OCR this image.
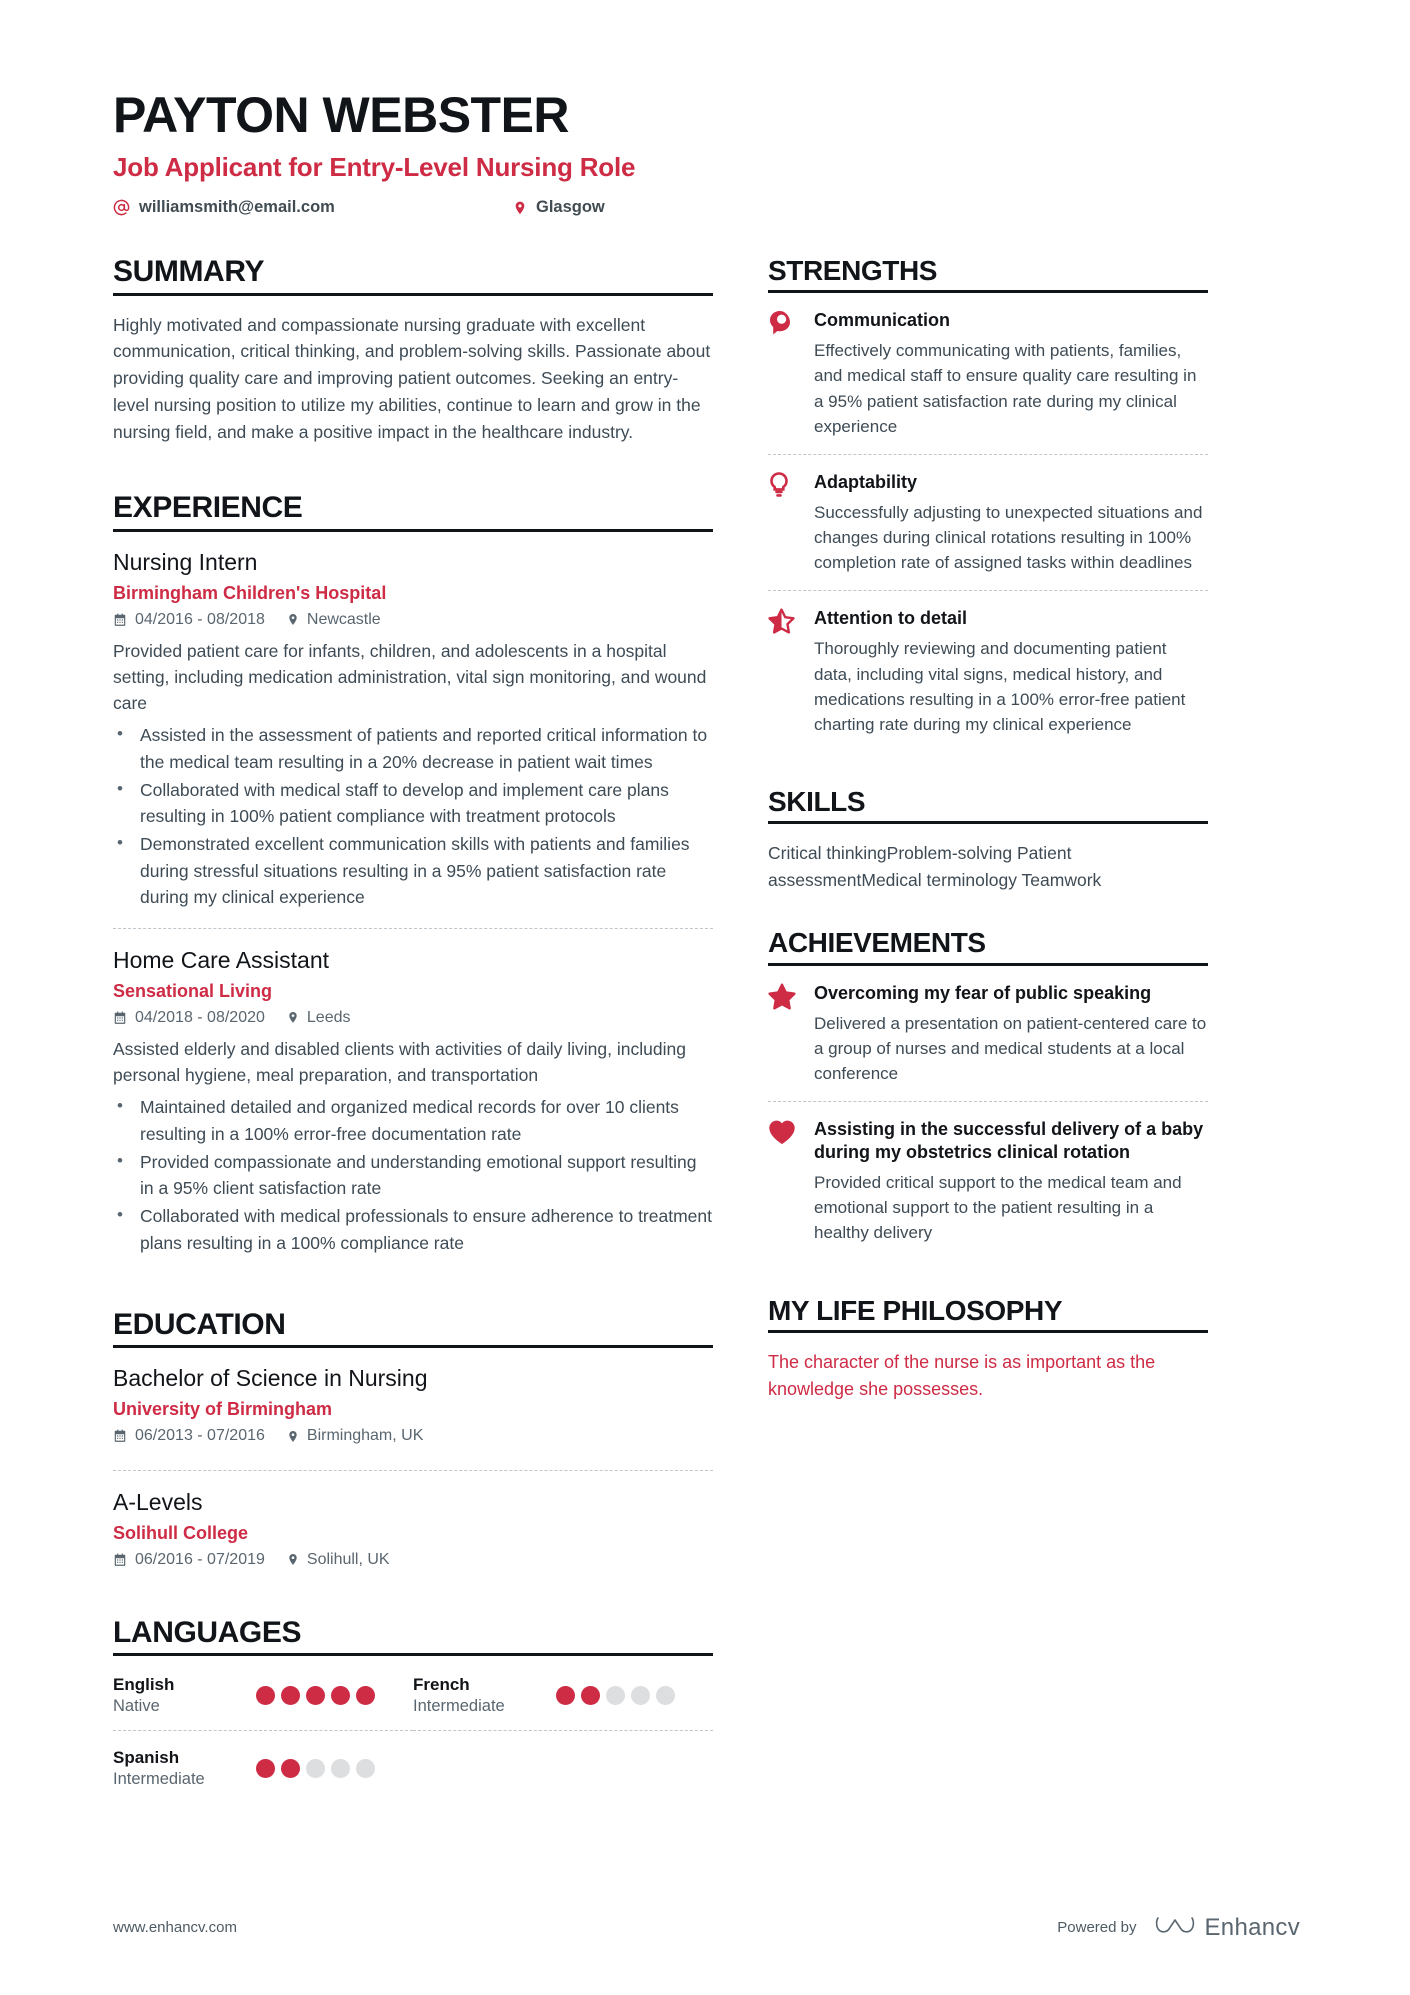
PAYTON WEBSTER
Job Applicant for Entry-Level Nursing Role
williamsmith@email.com	Glasgow
SUMMARY
Highly motivated and compassionate nursing graduate with excellent communication, critical thinking, and problem-solving skills. Passionate about providing quality care and improving patient outcomes. Seeking an entry-level nursing position to utilize my abilities, continue to learn and grow in the nursing field, and make a positive impact in the healthcare industry.
EXPERIENCE
Nursing Intern
Birmingham Children's Hospital
04/2016 - 08/2018	Newcastle
Provided patient care for infants, children, and adolescents in a hospital setting, including medication administration, vital sign monitoring, and wound care
• Assisted in the assessment of patients and reported critical information to the medical team resulting in a 20% decrease in patient wait times
• Collaborated with medical staff to develop and implement care plans resulting in 100% patient compliance with treatment protocols
• Demonstrated excellent communication skills with patients and families during stressful situations resulting in a 95% patient satisfaction rate during my clinical experience
Home Care Assistant
Sensational Living
04/2018 - 08/2020	Leeds
Assisted elderly and disabled clients with activities of daily living, including personal hygiene, meal preparation, and transportation
• Maintained detailed and organized medical records for over 10 clients resulting in a 100% error-free documentation rate
• Provided compassionate and understanding emotional support resulting in a 95% client satisfaction rate
• Collaborated with medical professionals to ensure adherence to treatment plans resulting in a 100% compliance rate
EDUCATION
Bachelor of Science in Nursing
University of Birmingham
06/2013 - 07/2016	Birmingham, UK
A-Levels
Solihull College
06/2016 - 07/2019	Solihull, UK
LANGUAGES
English
Native
French
Intermediate
Spanish
Intermediate
STRENGTHS
Communication
Effectively communicating with patients, families, and medical staff to ensure quality care resulting in a 95% patient satisfaction rate during my clinical experience
Adaptability
Successfully adjusting to unexpected situations and changes during clinical rotations resulting in 100% completion rate of assigned tasks within deadlines
Attention to detail
Thoroughly reviewing and documenting patient data, including vital signs, medical history, and medications resulting in a 100% error-free patient charting rate during my clinical experience
SKILLS
Critical thinkingProblem-solving Patient assessmentMedical terminology Teamwork
ACHIEVEMENTS
Overcoming my fear of public speaking
Delivered a presentation on patient-centered care to a group of nurses and medical students at a local conference
Assisting in the successful delivery of a baby during my obstetrics clinical rotation
Provided critical support to the medical team and emotional support to the patient resulting in a healthy delivery
MY LIFE PHILOSOPHY
The character of the nurse is as important as the knowledge she possesses.
www.enhancv.com	Powered by	Enhancv
